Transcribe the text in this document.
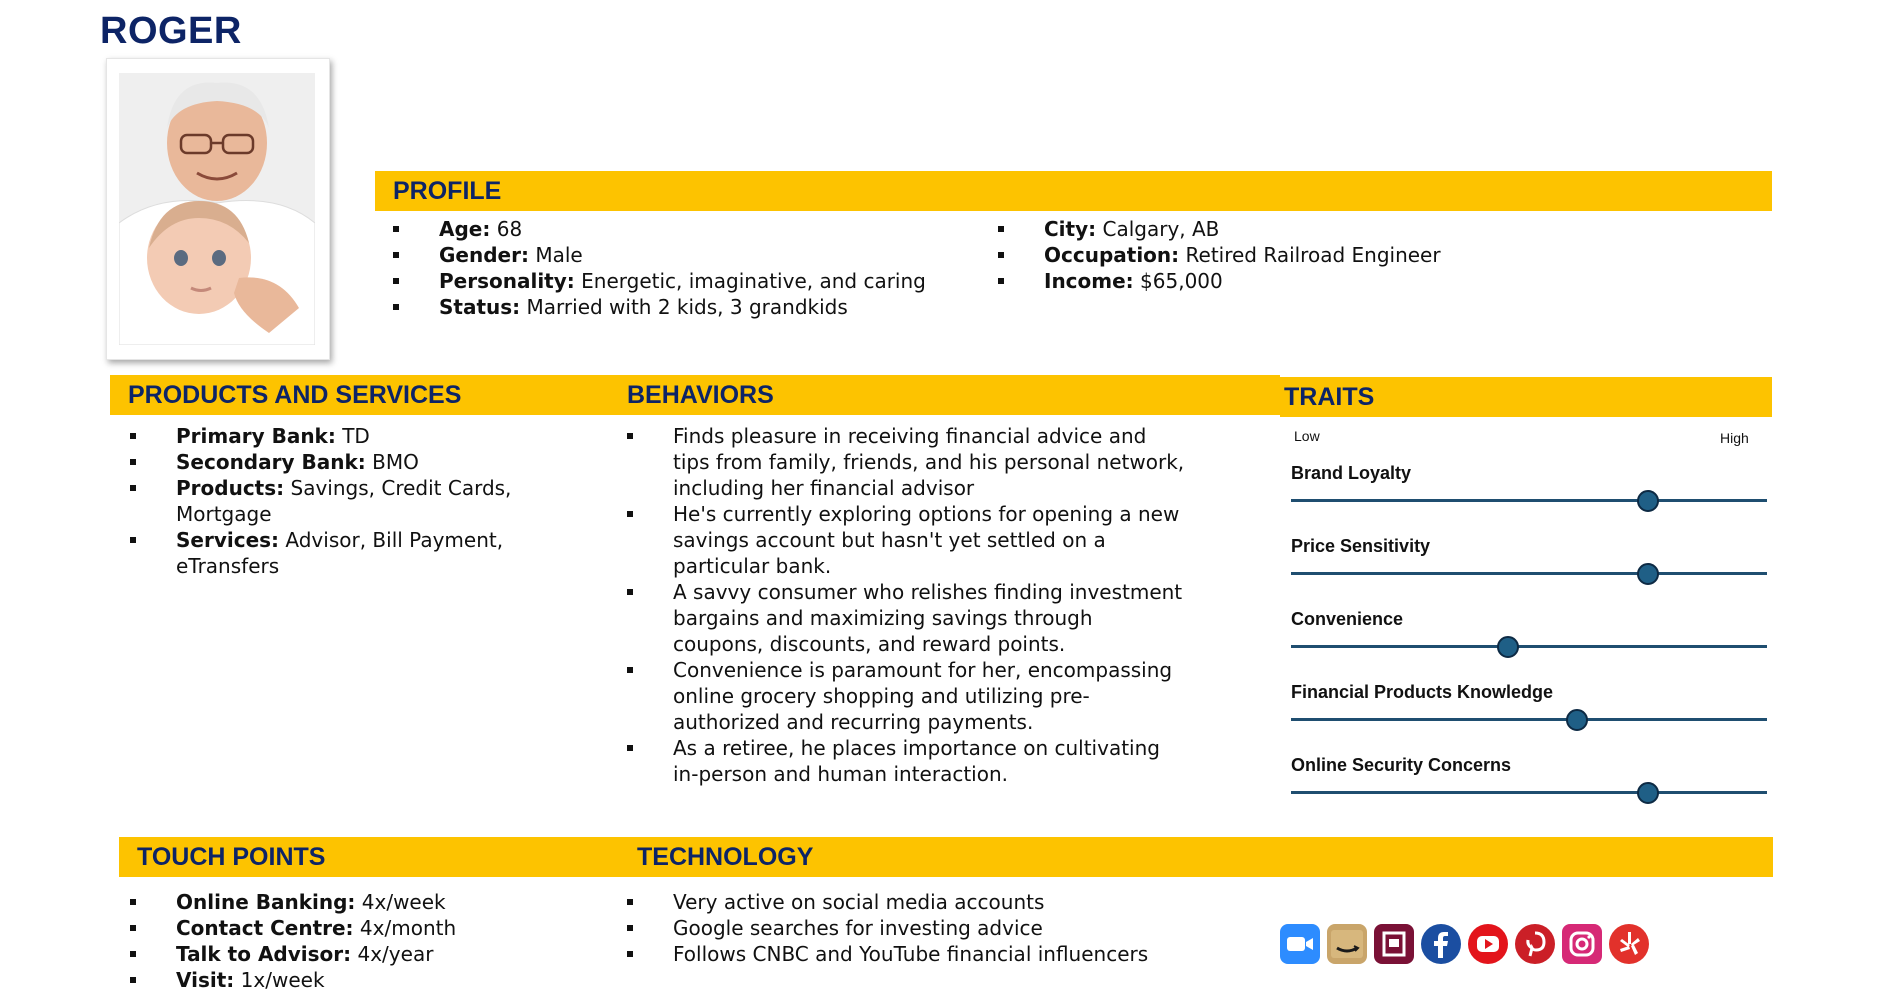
ROGER
PROFILE
Age: 68
Gender: Male
Personality: Energetic, imaginative, and caring
Status: Married with 2 kids, 3 grandkids
City: Calgary, AB
Occupation: Retired Railroad Engineer
Income: $65,000
PRODUCTS AND SERVICES	BEHAVIORS	TRAITS
Primary Bank: TD
Secondary Bank: BMO
Products: Savings, Credit Cards, Mortgage
Services: Advisor, Bill Payment, eTransfers
Finds pleasure in receiving financial advice and tips from family, friends, and his personal network, including her financial advisor
He's currently exploring options for opening a new savings account but hasn't yet settled on a particular bank.
A savvy consumer who relishes finding investment bargains and maximizing savings through coupons, discounts, and reward points.
Convenience is paramount for her, encompassing online grocery shopping and utilizing pre-authorized and recurring payments.
As a retiree, he places importance on cultivating in-person and human interaction.
Low	High
Brand Loyalty
Price Sensitivity
Convenience
Financial Products Knowledge
Online Security Concerns
TOUCH POINTS	TECHNOLOGY
Online Banking: 4x/week
Contact Centre: 4x/month
Talk to Advisor: 4x/year
Visit: 1x/week
Very active on social media accounts
Google searches for investing advice
Follows CNBC and YouTube financial influencers
